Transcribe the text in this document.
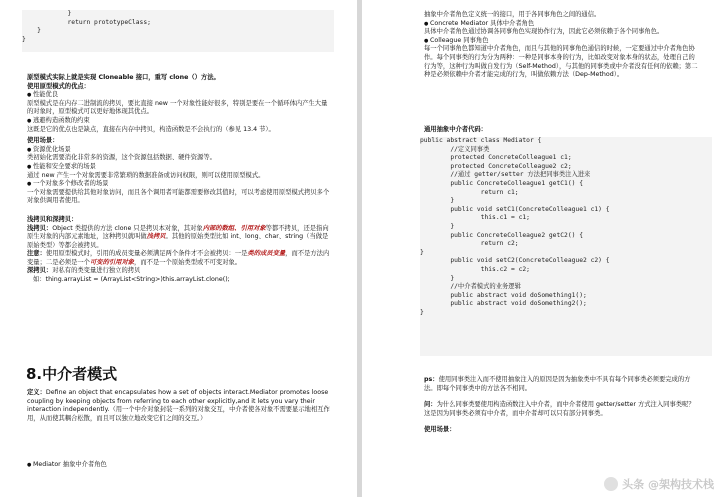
}
return prototypeClass;
}
}

原型模式实际上就是实现 Cloneable 接口，重写 clone（）方法。

使用原型模式的优点：

● 性能优良

原型模式是在内存二进制流的拷贝，要比直接 new 一个对象性能好很多，特别是要在一个循环体内产生大量的对象时，原型模式可以更好地体现其优点。

● 逃避构造函数的约束

这既是它的优点也是缺点，直接在内存中拷贝，构造函数是不会执行的（参见 13.4 节）。

使用场景：

● 资源优化场景

类初始化需要消化非常多的资源，这个资源包括数据、硬件资源等。

● 性能和安全要求的场景

通过 new 产生一个对象需要非常繁琐的数据准备或访问权限，则可以使用原型模式。

● 一个对象多个修改者的场景

一个对象需要提供给其他对象访问，而且各个调用者可能都需要修改其值时，可以考虑使用原型模式拷贝多个对象供调用者使用。

浅拷贝和深拷贝：

浅拷贝：Object 类提供的方法 clone 只是拷贝本对象，其对象内部的数组、引用对象等都不拷贝，还是指向原生对象的内部元素地址，这种拷贝就叫做浅拷贝。其他的原始类型比如 int、long、char、string（当做是原始类型）等都会被拷贝。

注意：使用原型模式时，引用的成员变量必须满足两个条件才不会被拷贝：一是类的成员变量，而不是方法内变量；二是必须是一个可变的引用对象，而不是一个原始类型或不可变对象。

深拷贝：对私有的类变量进行独立的拷贝

如：thing.arrayList = (ArrayList<String>)this.arrayList.clone();

8.中介者模式

定义：Define an object that encapsulates how a set of objects interact.Mediator promotes loose coupling by keeping objects from referring to each other explicitly,and it lets you vary their interaction independently.（用一个中介对象封装一系列的对象交互，中介者使各对象不需要显示地相互作用，从而使其耦合松散，而且可以独立地改变它们之间的交互。）

● Mediator 抽象中介者角色

抽象中介者角色定义统一的接口，用于各同事角色之间的通信。

● Concrete Mediator 具体中介者角色

具体中介者角色通过协调各同事角色实现协作行为，因此它必须依赖于各个同事角色。

● Colleague 同事角色

每一个同事角色都知道中介者角色，而且与其他的同事角色通信的时候，一定要通过中介者角色协作。每个同事类的行为分为两种：一种是同事本身的行为，比如改变对象本身的状态，处理自己的行为等，这种行为叫做自发行为（Self-Method），与其他的同事类或中介者没有任何的依赖；第二种是必须依赖中介者才能完成的行为，叫做依赖方法（Dep-Method）。

通用抽象中介者代码：
public abstract class Mediator {
//定义同事类
protected ConcreteColleague1 c1;
protected ConcreteColleague2 c2;
//通过 getter/setter 方法把同事类注入进来
public ConcreteColleague1 getC1() {
return c1;
}
public void setC1(ConcreteColleague1 c1) {
this.c1 = c1;
}
public ConcreteColleague2 getC2() {
return c2;
}
public void setC2(ConcreteColleague2 c2) {
this.c2 = c2;
}
//中介者模式的业务逻辑
public abstract void doSomething1();
public abstract void doSomething2();
}

ps：使用同事类注入而不使用抽象注入的原因是因为抽象类中不具有每个同事类必须要完成的方法。即每个同事类中的方法各不相同。

问：为什么同事类要使用构造函数注入中介者，而中介者使用 getter/setter 方式注入同事类呢？

这是因为同事类必须有中介者，而中介者却可以只有部分同事类。

使用场景：

头条 @架构技术栈
